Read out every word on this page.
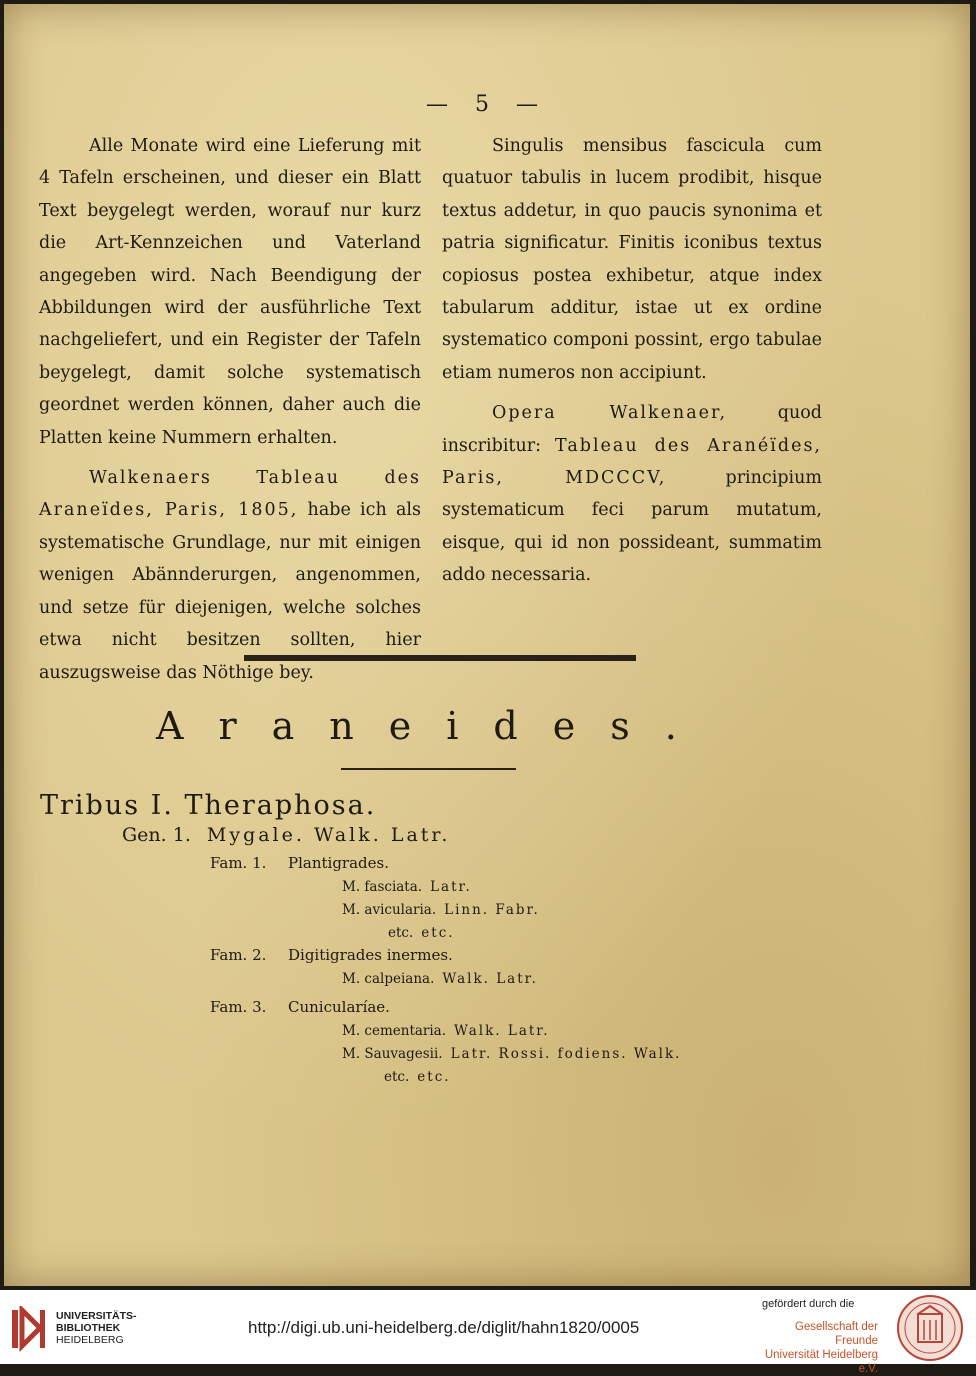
— 5 —

Alle Monate wird eine Lieferung mit 4 Tafeln erscheinen, und dieser ein Blatt Text beygelegt werden, worauf nur kurz die Art-Kennzeichen und Vaterland angegeben wird. Nach Beendigung der Abbildungen wird der ausführliche Text nachgeliefert, und ein Register der Tafeln beygelegt, damit solche systematisch geordnet werden können, daher auch die Platten keine Nummern erhalten.

Walkenaers Tableau des Araneïdes, Paris, 1805, habe ich als systematische Grundlage, nur mit einigen wenigen Abännderurgen, angenommen, und setze für diejenigen, welche solches etwa nicht besitzen sollten, hier auszugsweise das Nöthige bey.

Singulis mensibus fascicula cum quatuor tabulis in lucem prodibit, hisque textus addetur, in quo paucis synonima et patria significatur. Finitis iconibus textus copiosus postea exhibetur, atque index tabularum additur, istae ut ex ordine systematico componi possint, ergo tabulae etiam numeros non accipiunt.

Opera Walkenaer, quod inscribitur: Tableau des Aranéïdes, Paris, MDCCCV, principium systematicum feci parum mutatum, eisque, qui id non possideant, summatim addo necessaria.

Araneides.
Tribus I. Theraphosa.
Gen. 1. Mygale. Walk. Latr.
Fam. 1. Plantigrades.
M. fasciata. Latr.
M. avicularia. Linn. Fabr.
etc. etc.
Fam. 2. Digitigrades inermes.
M. calpeiana. Walk. Latr.
Fam. 3. Cunicularíae.
M. cementaria. Walk. Latr.
M. Sauvagesii. Latr. Rossi. fodiens. Walk.
etc. etc.
UNIVERSITÄTS-
BIBLIOTHEK
HEIDELBERG
http://digi.ub.uni-heidelberg.de/diglit/hahn1820/0005
gefördert durch die
Gesellschaft der Freunde
Universität Heidelberg e.V.
